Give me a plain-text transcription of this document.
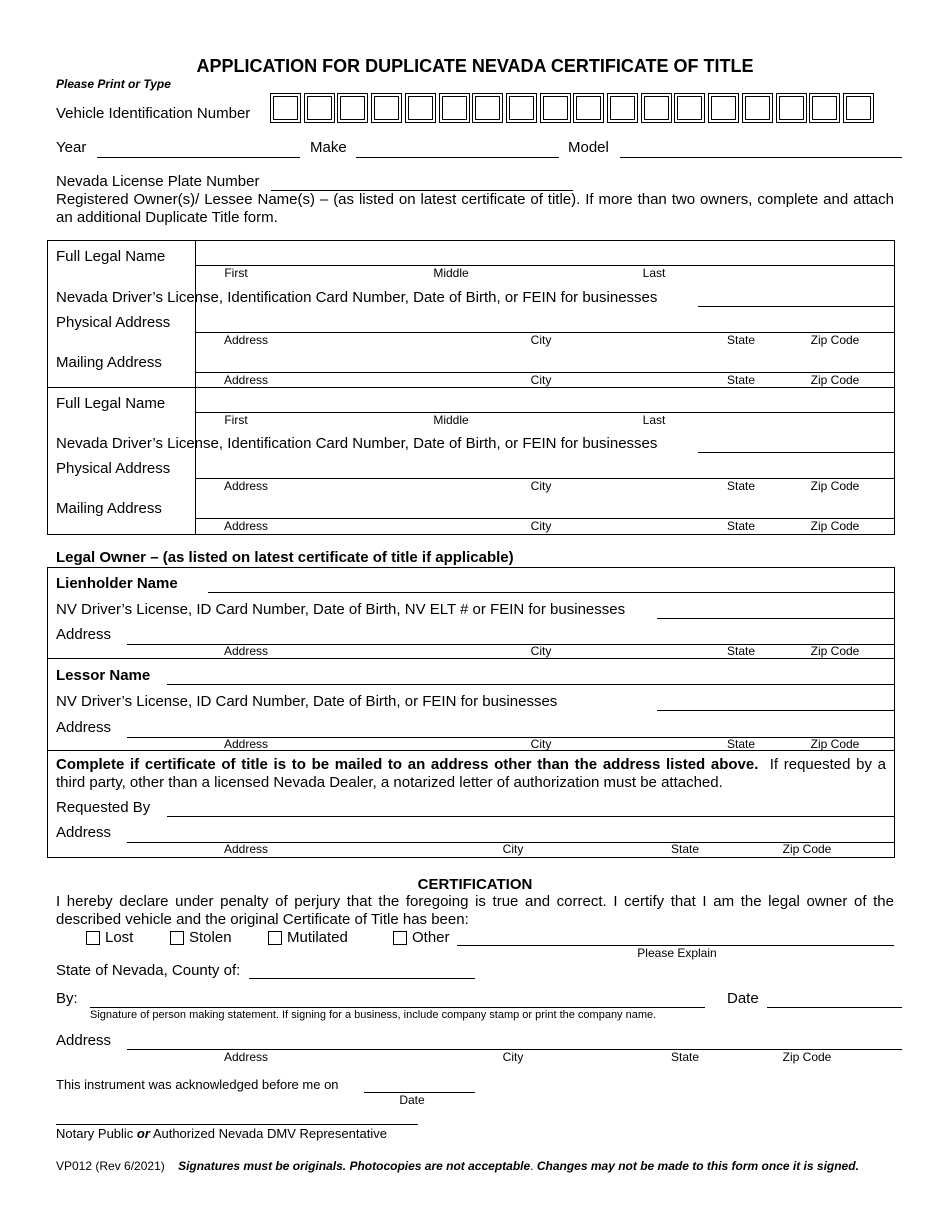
APPLICATION FOR DUPLICATE NEVADA CERTIFICATE OF TITLE
Please Print or Type
Vehicle Identification Number
Year	Make	Model
Nevada License Plate Number
Registered Owner(s)/ Lessee Name(s) – (as listed on latest certificate of title). If more than two owners, complete and attach an additional Duplicate Title form.
Full Legal Name
First	Middle	Last
Nevada Driver’s License, Identification Card Number, Date of Birth, or FEIN for businesses
Physical Address
Address	City	State	Zip Code
Mailing Address
Address	City	State	Zip Code
Full Legal Name
First	Middle	Last
Nevada Driver’s License, Identification Card Number, Date of Birth, or FEIN for businesses
Physical Address
Address	City	State	Zip Code
Mailing Address
Address	City	State	Zip Code
Legal Owner – (as listed on latest certificate of title if applicable)
Lienholder Name
NV Driver’s License, ID Card Number, Date of Birth, NV ELT # or FEIN for businesses
Address
Address	City	State	Zip Code
Lessor Name
NV Driver’s License, ID Card Number, Date of Birth, or FEIN for businesses
Address
Address	City	State	Zip Code
Complete if certificate of title is to be mailed to an address other than the address listed above. If requested by a third party, other than a licensed Nevada Dealer, a notarized letter of authorization must be attached.
Requested By
Address
Address	City	State	Zip Code
CERTIFICATION
I hereby declare under penalty of perjury that the foregoing is true and correct. I certify that I am the legal owner of the described vehicle and the original Certificate of Title has been:
Lost	Stolen	Mutilated	Other
Please Explain
State of Nevada, County of:
By:	Date
Signature of person making statement. If signing for a business, include company stamp or print the company name.
Address
Address	City	State	Zip Code
This instrument was acknowledged before me on
Date
Notary Public or Authorized Nevada DMV Representative
VP012 (Rev 6/2021) Signatures must be originals. Photocopies are not acceptable. Changes may not be made to this form once it is signed.
